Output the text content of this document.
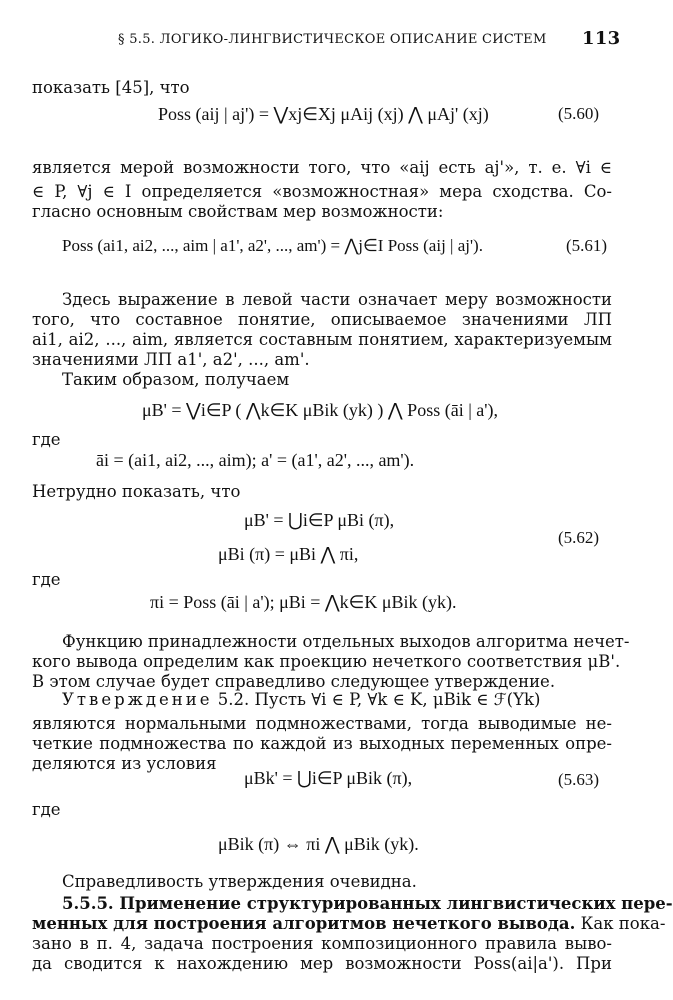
§ 5.5. ЛОГИКО-ЛИНГВИСТИЧЕСКОЕ ОПИСАНИЕ СИСТЕМ 113
показать [45], что
Poss (aij | aj') = ⋁xj∈Xj μAij (xj) ⋀ μAj' (xj)	(5.60)
является мерой возможности того, что «aij есть aj'», т. е. ∀i ∈
∈ P, ∀j ∈ I определяется «возможностная» мера сходства. Со-
гласно основным свойствам мер возможности:
Poss (ai1, ai2, ..., aim | a1', a2', ..., am') = ⋀j∈I Poss (aij | aj').	(5.61)
Здесь выражение в левой части означает меру возможности
того, что составное понятие, описываемое значениями ЛП
ai1, ai2, ..., aim, является составным понятием, характеризуемым
значениями ЛП a1', a2', ..., am'.
Таким образом, получаем
μB' = ⋁i∈P ( ⋀k∈K μBik (yk) ) ⋀ Poss (āi | a'),
где
āi = (ai1, ai2, ..., aim); a' = (a1', a2', ..., am').
Нетрудно показать, что
μB' = ⋃i∈P μBi (π),
(5.62)
μBi (π) = μBi ⋀ πi,
где
πi = Poss (āi | a'); μBi = ⋀k∈K μBik (yk).
Функцию принадлежности отдельных выходов алгоритма нечет-
кого вывода определим как проекцию нечеткого соответствия μB'.
В этом случае будет справедливо следующее утверждение.
Утверждение 5.2. Пусть ∀i ∈ P, ∀k ∈ K, μBik ∈ ℱ(Yk)
являются нормальными подмножествами, тогда выводимые не-
четкие подмножества по каждой из выходных переменных опре-
деляются из условия
μBk' = ⋃i∈P μBik (π),	(5.63)
где
μBik (π) ⇔ πi ⋀ μBik (yk).
Справедливость утверждения очевидна.
5.5.5. Применение структурированных лингвистических пере-
менных для построения алгоритмов нечеткого вывода. Как пока-
зано в п. 4, задача построения композиционного правила выво-
да сводится к нахождению мер возможности Poss(ai|a'). При
